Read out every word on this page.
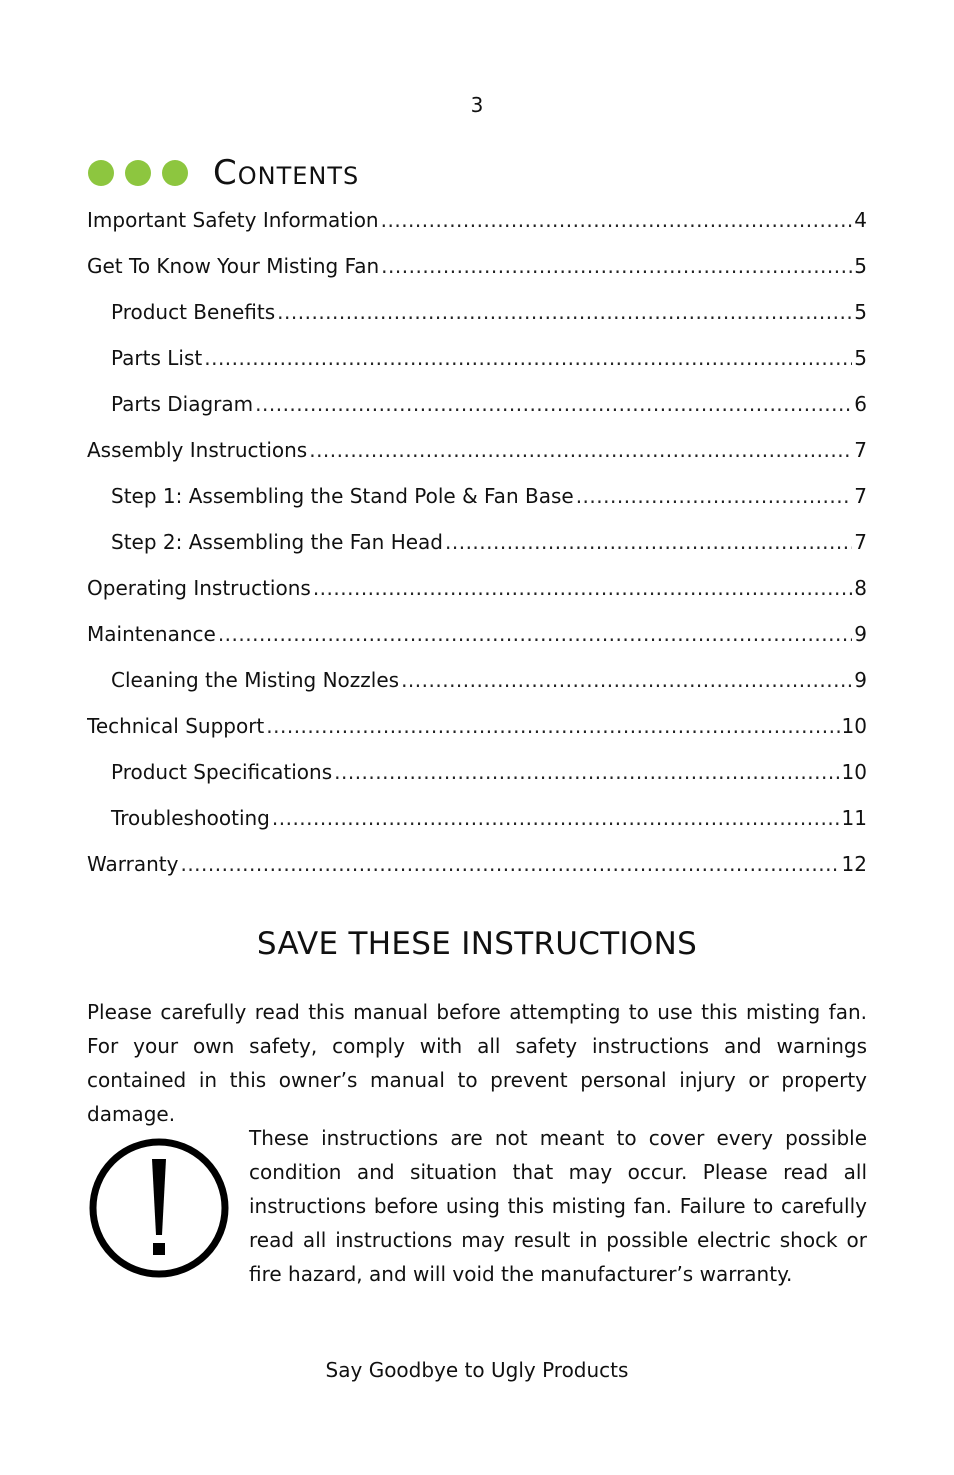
3
Contents
Important Safety Information .....	4
Get To Know Your Misting Fan .....	5
Product Benefits .....	5
Parts List .....	5
Parts Diagram .....	6
Assembly Instructions .....	7
Step 1: Assembling the Stand Pole & Fan Base .....	7
Step 2: Assembling the Fan Head .....	7
Operating Instructions .....	8
Maintenance .....	9
Cleaning the Misting Nozzles .....	9
Technical Support .....	10
Product Specifications .....	10
Troubleshooting .....	11
Warranty .....	12
SAVE THESE INSTRUCTIONS

Please carefully read this manual before attempting to use this misting fan. For your own safety, comply with all safety instructions and warnings contained in this owner’s manual to prevent personal injury or property damage.

These instructions are not meant to cover every possible condition and situation that may occur. Please read all instructions before using this misting fan. Failure to carefully read all instructions may result in possible electric shock or fire hazard, and will void the manufacturer’s warranty.

Say Goodbye to Ugly Products
